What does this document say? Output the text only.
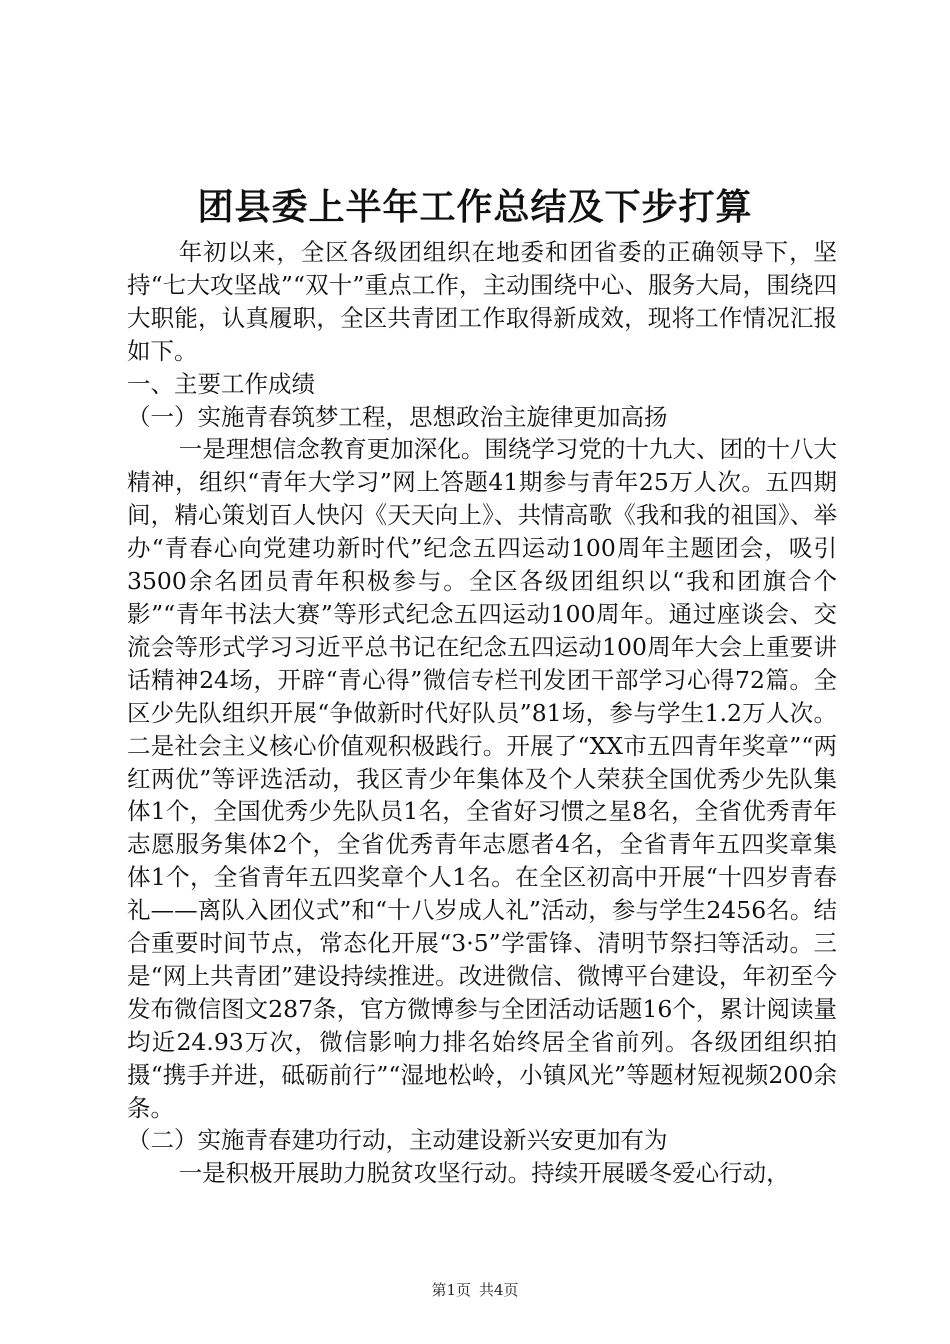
团县委上半年工作总结及下步打算

年初以来，全区各级团组织在地委和团省委的正确领导下，坚持“七大攻坚战”“双十”重点工作，主动围绕中心、服务大局，围绕四大职能，认真履职，全区共青团工作取得新成效，现将工作情况汇报如下。

一、主要工作成绩

（一）实施青春筑梦工程，思想政治主旋律更加高扬

一是理想信念教育更加深化。围绕学习党的十九大、团的十八大精神，组织“青年大学习”网上答题41期参与青年25万人次。五四期间，精心策划百人快闪《天天向上》、共情高歌《我和我的祖国》、举办“青春心向党建功新时代”纪念五四运动100周年主题团会，吸引3500余名团员青年积极参与。全区各级团组织以“我和团旗合个影”“青年书法大赛”等形式纪念五四运动100周年。通过座谈会、交流会等形式学习习近平总书记在纪念五四运动100周年大会上重要讲话精神24场，开辟“青心得”微信专栏刊发团干部学习心得72篇。全区少先队组织开展“争做新时代好队员”81场，参与学生1.2万人次。二是社会主义核心价值观积极践行。开展了“XX市五四青年奖章”“两红两优”等评选活动，我区青少年集体及个人荣获全国优秀少先队集体1个，全国优秀少先队员1名，全省好习惯之星8名，全省优秀青年志愿服务集体2个，全省优秀青年志愿者4名，全省青年五四奖章集体1个，全省青年五四奖章个人1名。在全区初高中开展“十四岁青春礼——离队入团仪式”和“十八岁成人礼”活动，参与学生2456名。结合重要时间节点，常态化开展“3·5”学雷锋、清明节祭扫等活动。三是“网上共青团”建设持续推进。改进微信、微博平台建设，年初至今发布微信图文287条，官方微博参与全团活动话题16个，累计阅读量均近24.93万次，微信影响力排名始终居全省前列。各级团组织拍摄“携手并进，砥砺前行”“湿地松岭，小镇风光”等题材短视频200余条。

（二）实施青春建功行动，主动建设新兴安更加有为

一是积极开展助力脱贫攻坚行动。持续开展暖冬爱心行动，

第1页 共4页
